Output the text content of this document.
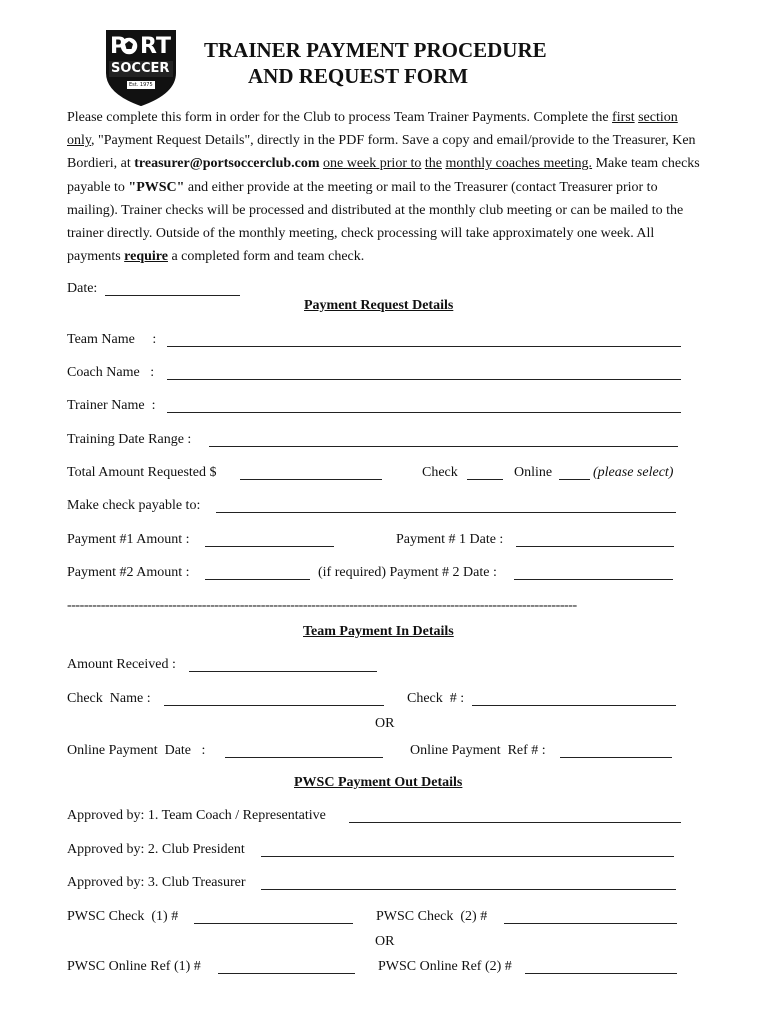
P RT
SOCCER
Est. 1975
TRAINER PAYMENT PROCEDURE
AND REQUEST FORM
Please complete this form in order for the Club to process Team Trainer Payments. Complete the first section only, "Payment Request Details", directly in the PDF form. Save a copy and email/provide to the Treasurer, Ken Bordieri, at treasurer@portsoccerclub.com one week prior to the monthly coaches meeting. Make team checks payable to "PWSC" and either provide at the meeting or mail to the Treasurer (contact Treasurer prior to mailing). Trainer checks will be processed and distributed at the monthly club meeting or can be mailed to the trainer directly. Outside of the monthly meeting, check processing will take approximately one week. All payments require a completed form and team check.
Date:
Payment Request Details
Team Name     :
Coach Name   :
Trainer Name  :
Training Date Range :
Total Amount Requested $	Check	Online	(please select)
Make check payable to:
Payment #1 Amount :	Payment # 1 Date :
Payment #2 Amount :	(if required) Payment # 2 Date :
-------------------------------------------------------------------------------------------------------------------------
Team Payment In Details
Amount Received :
Check  Name :	Check  # :
OR
Online Payment  Date   :	Online Payment  Ref # :
PWSC Payment Out Details
Approved by: 1. Team Coach / Representative
Approved by: 2. Club President
Approved by: 3. Club Treasurer
PWSC Check  (1) #	PWSC Check  (2) #
OR
PWSC Online Ref (1) #	PWSC Online Ref (2) #
